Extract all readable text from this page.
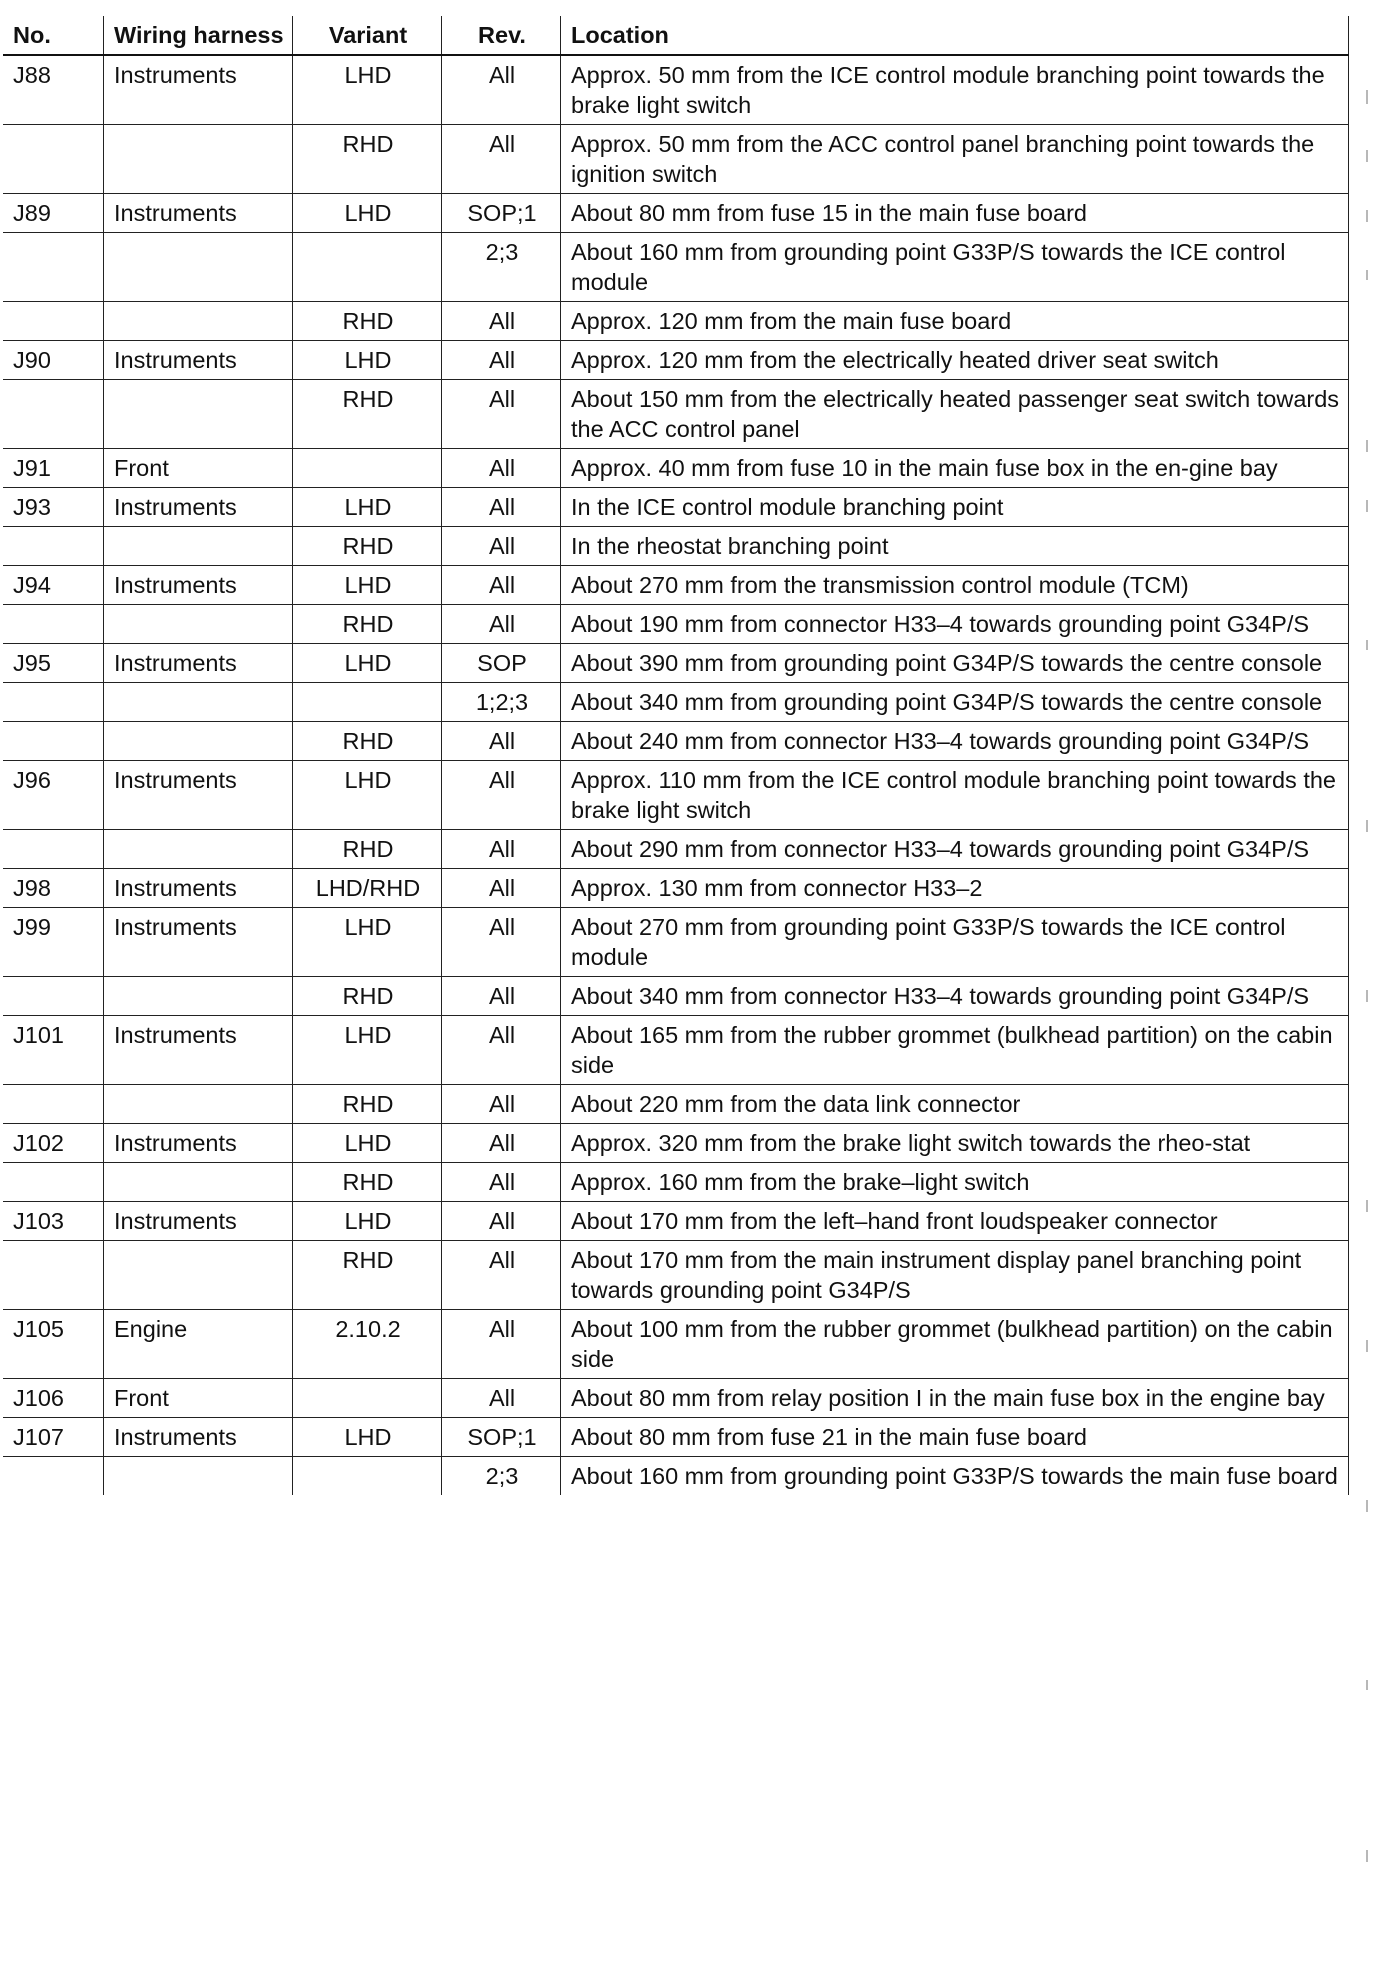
No.	Wiring harness	Variant	Rev.	Location
J88	Instruments	LHD	All	Approx. 50 mm from the ICE control module branching point towards the brake light switch
		RHD	All	Approx. 50 mm from the ACC control panel branching point towards the ignition switch
J89	Instruments	LHD	SOP;1	About 80 mm from fuse 15 in the main fuse board
			2;3	About 160 mm from grounding point G33P/S towards the ICE control module
		RHD	All	Approx. 120 mm from the main fuse board
J90	Instruments	LHD	All	Approx. 120 mm from the electrically heated driver seat switch
		RHD	All	About 150 mm from the electrically heated passenger seat switch towards the ACC control panel
J91	Front		All	Approx. 40 mm from fuse 10 in the main fuse box in the en-gine bay
J93	Instruments	LHD	All	In the ICE control module branching point
		RHD	All	In the rheostat branching point
J94	Instruments	LHD	All	About 270 mm from the transmission control module (TCM)
		RHD	All	About 190 mm from connector H33–4 towards grounding point G34P/S
J95	Instruments	LHD	SOP	About 390 mm from grounding point G34P/S towards the centre console
			1;2;3	About 340 mm from grounding point G34P/S towards the centre console
		RHD	All	About 240 mm from connector H33–4 towards grounding point G34P/S
J96	Instruments	LHD	All	Approx. 110 mm from the ICE control module branching point towards the brake light switch
		RHD	All	About 290 mm from connector H33–4 towards grounding point G34P/S
J98	Instruments	LHD/RHD	All	Approx. 130 mm from connector H33–2
J99	Instruments	LHD	All	About 270 mm from grounding point G33P/S towards the ICE control module
		RHD	All	About 340 mm from connector H33–4 towards grounding point G34P/S
J101	Instruments	LHD	All	About 165 mm from the rubber grommet (bulkhead partition) on the cabin side
		RHD	All	About 220 mm from the data link connector
J102	Instruments	LHD	All	Approx. 320 mm from the brake light switch towards the rheo-stat
		RHD	All	Approx. 160 mm from the brake–light switch
J103	Instruments	LHD	All	About 170 mm from the left–hand front loudspeaker connector
		RHD	All	About 170 mm from the main instrument display panel branching point towards grounding point G34P/S
J105	Engine	2.10.2	All	About 100 mm from the rubber grommet (bulkhead partition) on the cabin side
J106	Front		All	About 80 mm from relay position I in the main fuse box in the engine bay
J107	Instruments	LHD	SOP;1	About 80 mm from fuse 21 in the main fuse board
			2;3	About 160 mm from grounding point G33P/S towards the main fuse board
